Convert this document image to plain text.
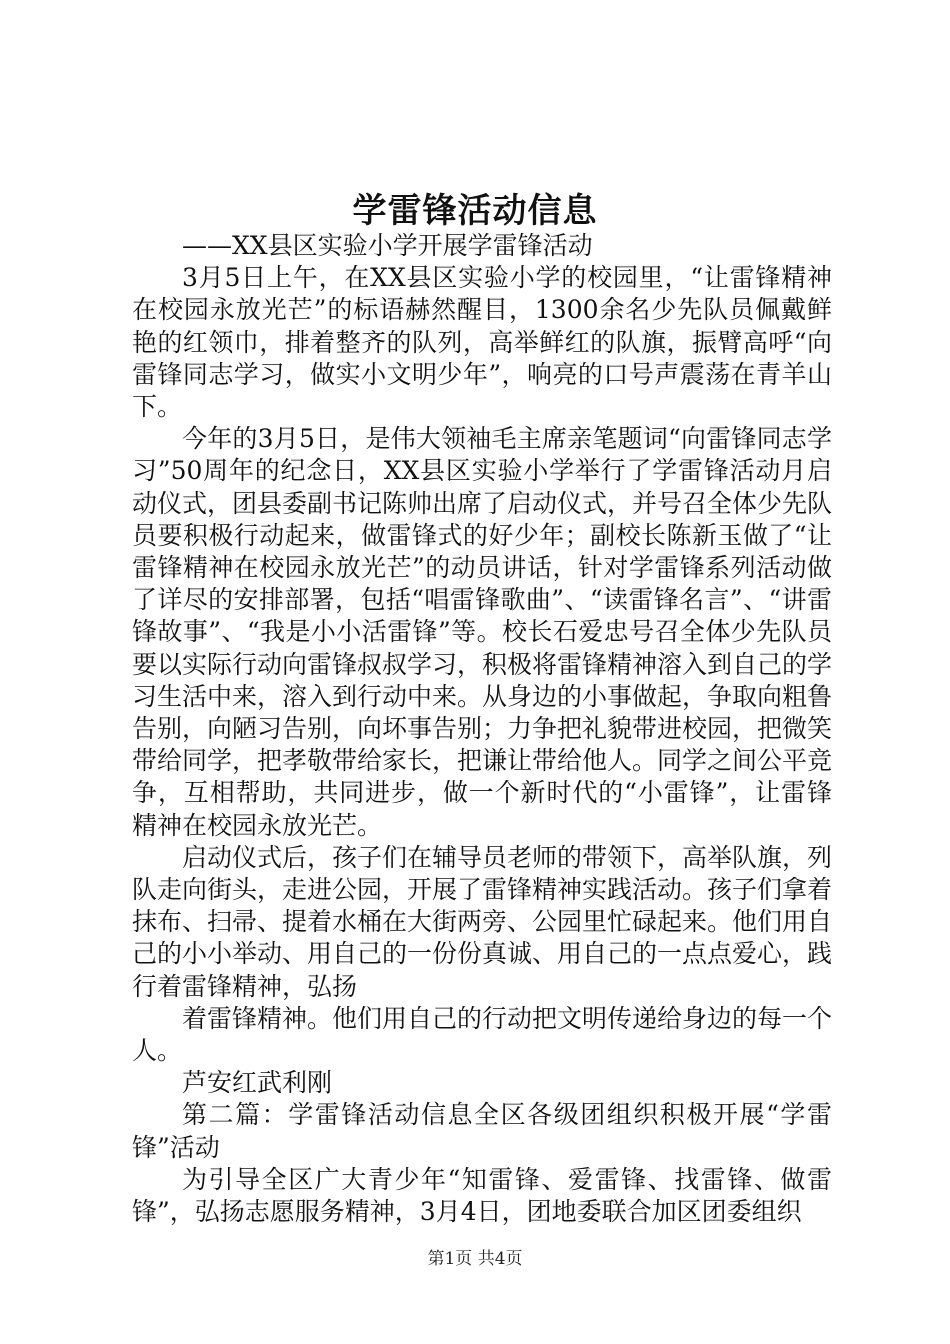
学雷锋活动信息

——XX县区实验小学开展学雷锋活动

3月5日上午，在XX县区实验小学的校园里，“让雷锋精神在校园永放光芒”的标语赫然醒目，1300余名少先队员佩戴鲜艳的红领巾，排着整齐的队列，高举鲜红的队旗，振臂高呼“向雷锋同志学习，做实小文明少年”，响亮的口号声震荡在青羊山下。

今年的3月5日，是伟大领袖毛主席亲笔题词“向雷锋同志学习”50周年的纪念日，XX县区实验小学举行了学雷锋活动月启动仪式，团县委副书记陈帅出席了启动仪式，并号召全体少先队员要积极行动起来，做雷锋式的好少年；副校长陈新玉做了“让雷锋精神在校园永放光芒”的动员讲话，针对学雷锋系列活动做了详尽的安排部署，包括“唱雷锋歌曲”、“读雷锋名言”、“讲雷锋故事”、“我是小小活雷锋”等。校长石爱忠号召全体少先队员要以实际行动向雷锋叔叔学习，积极将雷锋精神溶入到自己的学习生活中来，溶入到行动中来。从身边的小事做起，争取向粗鲁告别，向陋习告别，向坏事告别；力争把礼貌带进校园，把微笑带给同学，把孝敬带给家长，把谦让带给他人。同学之间公平竞争，互相帮助，共同进步，做一个新时代的“小雷锋”，让雷锋精神在校园永放光芒。

启动仪式后，孩子们在辅导员老师的带领下，高举队旗，列队走向街头，走进公园，开展了雷锋精神实践活动。孩子们拿着抹布、扫帚、提着水桶在大街两旁、公园里忙碌起来。他们用自己的小小举动、用自己的一份份真诚、用自己的一点点爱心，践行着雷锋精神，弘扬

着雷锋精神。他们用自己的行动把文明传递给身边的每一个人。

芦安红武利刚

第二篇：学雷锋活动信息全区各级团组织积极开展“学雷锋”活动

为引导全区广大青少年“知雷锋、爱雷锋、找雷锋、做雷锋”，弘扬志愿服务精神，3月4日，团地委联合加区团委组织

第1页 共4页
